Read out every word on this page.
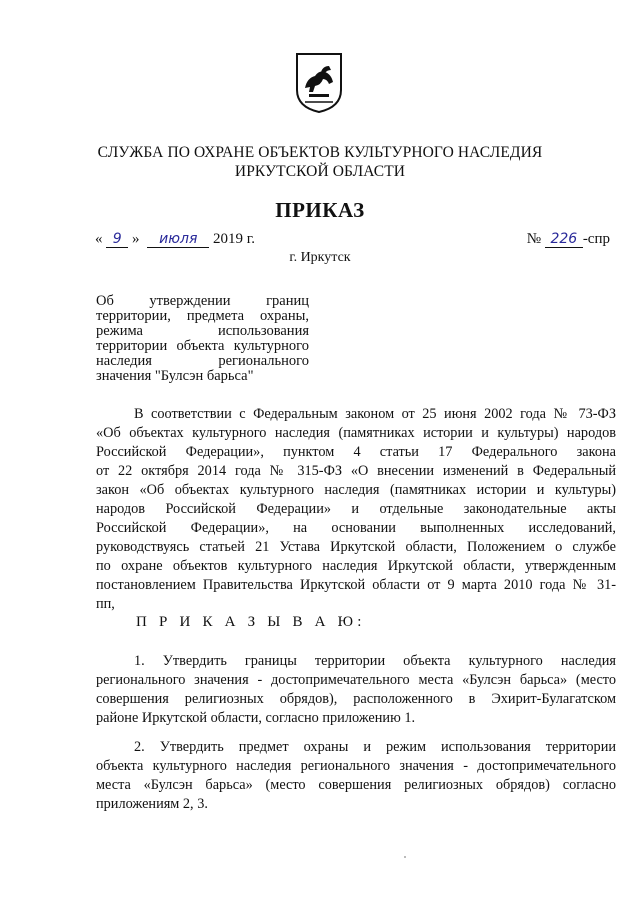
СЛУЖБА ПО ОХРАНЕ ОБЪЕКТОВ КУЛЬТУРНОГО НАСЛЕДИЯ
ИРКУТСКОЙ ОБЛАСТИ
ПРИКАЗ
« 9 » июля 2019 г.	№ 226 -спр
г. Иркутск
Об утверждении границ
территории, предмета охраны,
режима использования
территории объекта культурного
наследия регионального
значения "Булсэн барьса"
В соответствии с Федеральным законом от 25 июня 2002 года № 73-ФЗ
«Об объектах культурного наследия (памятниках истории и культуры) народов
Российской Федерации», пунктом 4 статьи 17 Федерального закона
от 22 октября 2014 года № 315-ФЗ «О внесении изменений в Федеральный
закон «Об объектах культурного наследия (памятниках истории и культуры)
народов Российской Федерации» и отдельные законодательные акты
Российской Федерации», на основании выполненных исследований,
руководствуясь статьей 21 Устава Иркутской области, Положением о службе
по охране объектов культурного наследия Иркутской области, утвержденным
постановлением Правительства Иркутской области от 9 марта 2010 года № 31-
пп,
П Р И К А З Ы В А Ю:
1. Утвердить границы территории объекта культурного наследия
регионального значения - достопримечательного места «Булсэн барьса» (место
совершения религиозных обрядов), расположенного в Эхирит-Булагатском
районе Иркутской области, согласно приложению 1.
2. Утвердить предмет охраны и режим использования территории
объекта культурного наследия регионального значения - достопримечательного
места «Булсэн барьса» (место совершения религиозных обрядов) согласно
приложениям 2, 3.
